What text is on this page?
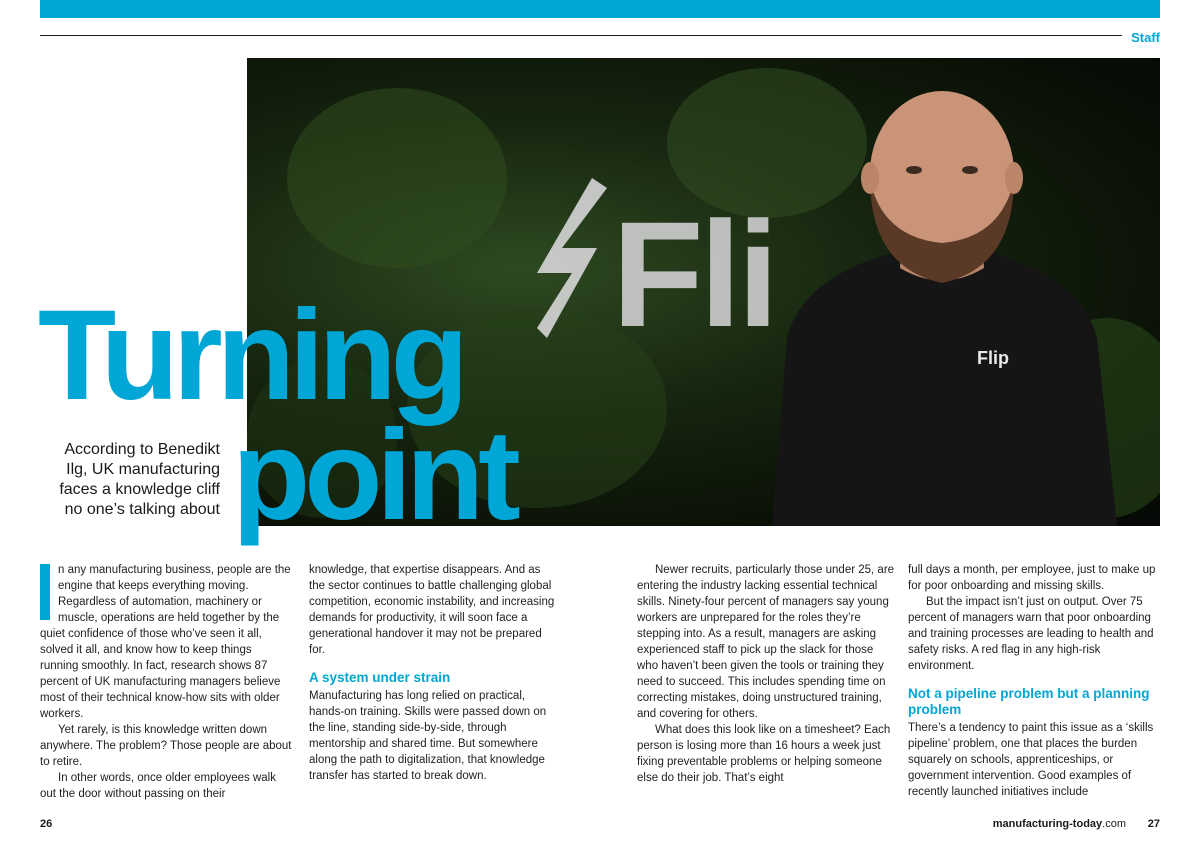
Staff
Fli	Flip
Turning
point
According to Benedikt Ilg, UK manufacturing faces a knowledge cliff no one’s talking about

n any manufacturing business, people are the engine that keeps everything moving. Regardless of automation, machinery or muscle, operations are held together by the quiet confidence of those who’ve seen it all, solved it all, and know how to keep things running smoothly. In fact, research shows 87 percent of UK manufacturing managers believe most of their technical know-how sits with older workers.

Yet rarely, is this knowledge written down anywhere. The problem? Those people are about to retire.

In other words, once older employees walk out the door without passing on their

knowledge, that expertise disappears. And as the sector continues to battle challenging global competition, economic instability, and increasing demands for productivity, it will soon face a generational handover it may not be prepared for.

A system under strain

Manufacturing has long relied on practical, hands-on training. Skills were passed down on the line, standing side-by-side, through mentorship and shared time. But somewhere along the path to digitalization, that knowledge transfer has started to break down.

Newer recruits, particularly those under 25, are entering the industry lacking essential technical skills. Ninety-four percent of managers say young workers are unprepared for the roles they’re stepping into. As a result, managers are asking experienced staff to pick up the slack for those who haven’t been given the tools or training they need to succeed. This includes spending time on correcting mistakes, doing unstructured training, and covering for others.

What does this look like on a timesheet? Each person is losing more than 16 hours a week just fixing preventable problems or helping someone else do their job. That’s eight

full days a month, per employee, just to make up for poor onboarding and missing skills.

But the impact isn’t just on output. Over 75 percent of managers warn that poor onboarding and training processes are leading to health and safety risks. A red flag in any high-risk environment.

Not a pipeline problem but a planning problem

There’s a tendency to paint this issue as a ‘skills pipeline’ problem, one that places the burden squarely on schools, apprenticeships, or government intervention. Good examples of recently launched initiatives include

26	manufacturing-today.com 27
